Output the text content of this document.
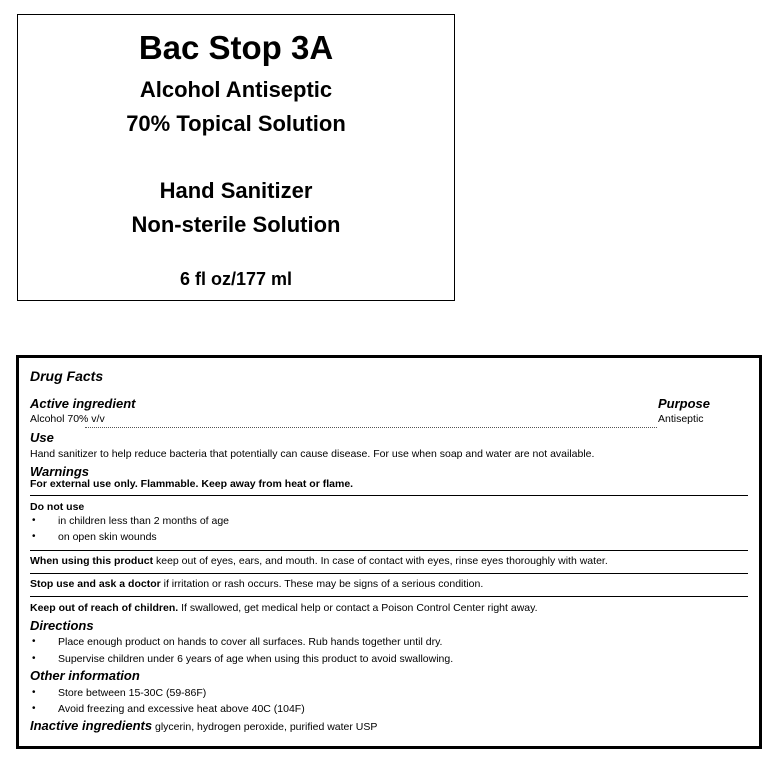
Bac Stop 3A
Alcohol Antiseptic
70% Topical Solution
Hand Sanitizer
Non-sterile Solution
6 fl oz/177 ml
Drug Facts
Active ingredient	Purpose
Alcohol 70% v/v	Antiseptic
Use
Hand sanitizer to help reduce bacteria that potentially can cause disease. For use when soap and water are not available.
Warnings
For external use only. Flammable. Keep away from heat or flame.
Do not use
• in children less than 2 months of age
• on open skin wounds
When using this product keep out of eyes, ears, and mouth. In case of contact with eyes, rinse eyes thoroughly with water.
Stop use and ask a doctor if irritation or rash occurs. These may be signs of a serious condition.
Keep out of reach of children. If swallowed, get medical help or contact a Poison Control Center right away.
Directions
• Place enough product on hands to cover all surfaces. Rub hands together until dry.
• Supervise children under 6 years of age when using this product to avoid swallowing.
Other information
• Store between 15-30C (59-86F)
• Avoid freezing and excessive heat above 40C (104F)
Inactive ingredients glycerin, hydrogen peroxide, purified water USP
